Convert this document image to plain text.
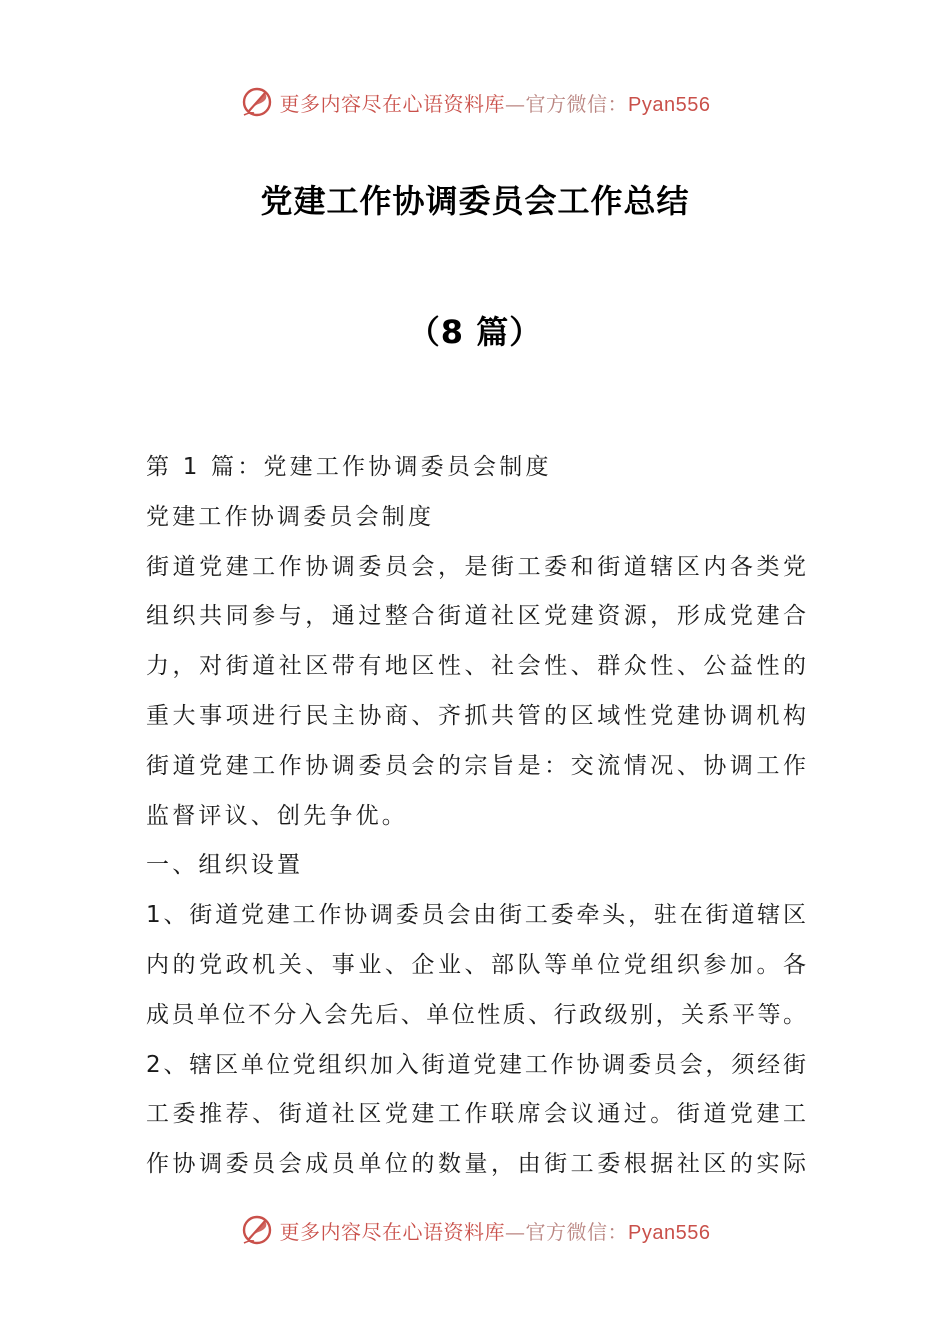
更多内容尽在心语资料库—官方微信：Pyan556
党建工作协调委员会工作总结
（8 篇）
第 1 篇：党建工作协调委员会制度
党建工作协调委员会制度
街道党建工作协调委员会，是街工委和街道辖区内各类党
组织共同参与，通过整合街道社区党建资源，形成党建合
力，对街道社区带有地区性、社会性、群众性、公益性的
重大事项进行民主协商、齐抓共管的区域性党建协调机构
街道党建工作协调委员会的宗旨是：交流情况、协调工作
监督评议、创先争优。
一、组织设置
1、街道党建工作协调委员会由街工委牵头，驻在街道辖区
内的党政机关、事业、企业、部队等单位党组织参加。各
成员单位不分入会先后、单位性质、行政级别，关系平等。
2、辖区单位党组织加入街道党建工作协调委员会，须经街
工委推荐、街道社区党建工作联席会议通过。街道党建工
作协调委员会成员单位的数量，由街工委根据社区的实际
更多内容尽在心语资料库—官方微信：Pyan556
